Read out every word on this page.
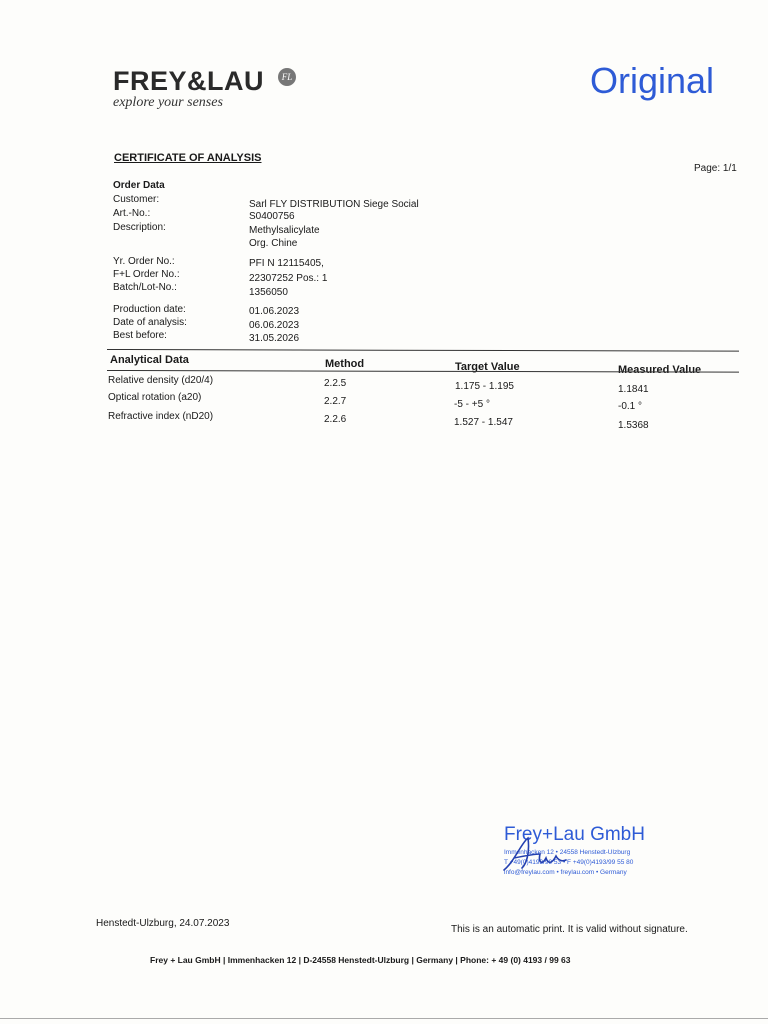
FREY&LAU	FL
explore your senses
Original
CERTIFICATE OF ANALYSIS
Page: 1/1
Order Data
Customer:	Sarl FLY DISTRIBUTION Siege Social
Art.-No.:	S0400756
Description:	Methylsalicylate
Org. Chine
Yr. Order No.:	PFI N 12115405,
F+L Order No.:	22307252 Pos.: 1
Batch/Lot-No.:	1356050
Production date:	01.06.2023
Date of analysis:	06.06.2023
Best before:	31.05.2026
Analytical Data	Method	Target Value	Measured Value
Relative density (d20/4)	2.2.5	1.175 - 1.195	1.1841
Optical rotation (a20)	2.2.7	-5 - +5 °	-0.1 °
Refractive index (nD20)	2.2.6	1.527 - 1.547	1.5368
Frey+Lau GmbH
Immenhacken 12 • 24558 Henstedt-Ulzburg
T +49(0)4193/99 53 • F +49(0)4193/99 55 80
info@freylau.com • freylau.com • Germany
Henstedt-Ulzburg, 24.07.2023
This is an automatic print. It is valid without signature.
Frey + Lau GmbH | Immenhacken 12 | D-24558 Henstedt-Ulzburg | Germany | Phone: + 49 (0) 4193 / 99 63
